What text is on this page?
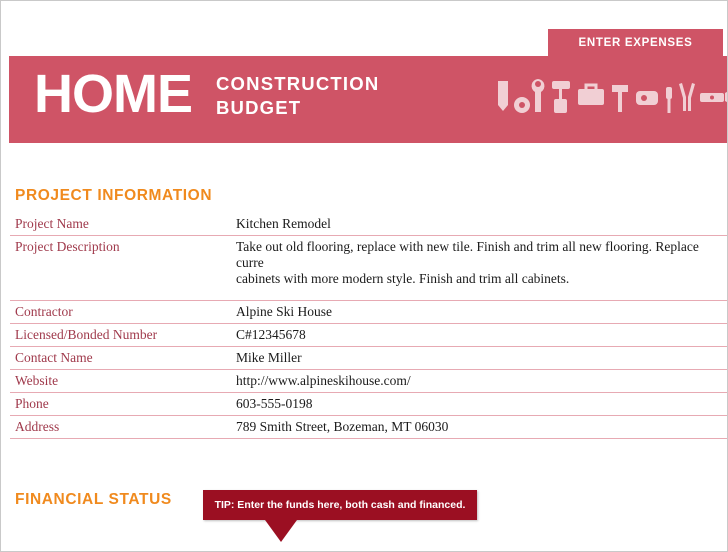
ENTER EXPENSES
HOME CONSTRUCTION
BUDGET
PROJECT INFORMATION
Project Name	Kitchen Remodel
Project Description	Take out old flooring, replace with new tile. Finish and trim all new flooring. Replace curre
cabinets with more modern style. Finish and trim all cabinets.

Contractor	Alpine Ski House
Licensed/Bonded Number	C#12345678
Contact Name	Mike Miller
Website	http://www.alpineskihouse.com/
Phone	603-555-0198
Address	789 Smith Street, Bozeman, MT 06030
FINANCIAL STATUS	TIP: Enter the funds here, both cash and financed.
